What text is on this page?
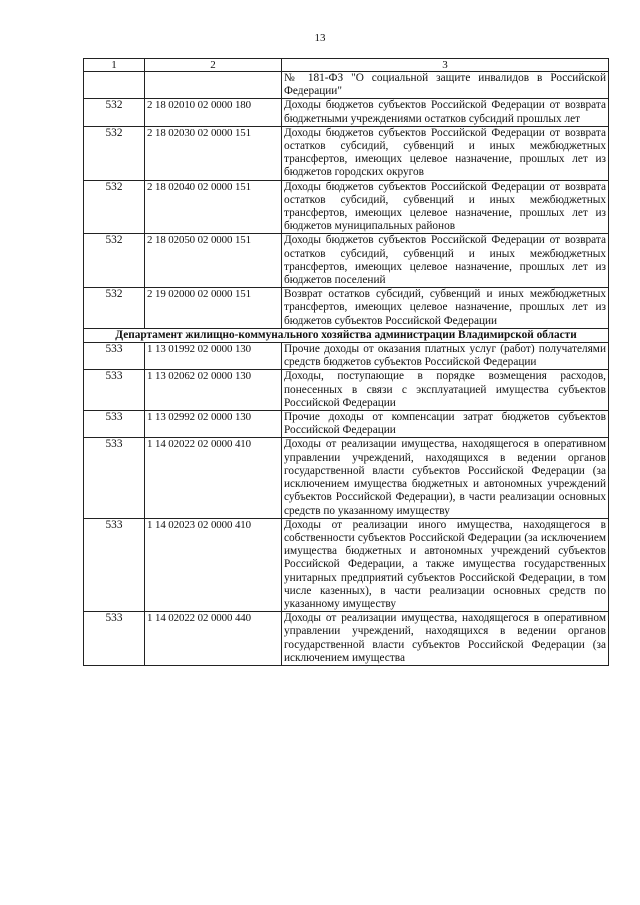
13
1	2	3
		№ 181-ФЗ "О социальной защите инвалидов в Российской Федерации"
532	2 18 02010 02 0000 180	Доходы бюджетов субъектов Российской Федерации от возврата бюджетными учреждениями остатков субсидий прошлых лет
532	2 18 02030 02 0000 151	Доходы бюджетов субъектов Российской Федерации от возврата остатков субсидий, субвенций и иных межбюджетных трансфертов, имеющих целевое назначение, прошлых лет из бюджетов городских округов
532	2 18 02040 02 0000 151	Доходы бюджетов субъектов Российской Федерации от возврата остатков субсидий, субвенций и иных межбюджетных трансфертов, имеющих целевое назначение, прошлых лет из бюджетов муниципальных районов
532	2 18 02050 02 0000 151	Доходы бюджетов субъектов Российской Федерации от возврата остатков субсидий, субвенций и иных межбюджетных трансфертов, имеющих целевое назначение, прошлых лет из бюджетов поселений
532	2 19 02000 02 0000 151	Возврат остатков субсидий, субвенций и иных межбюджетных трансфертов, имеющих целевое назначение, прошлых лет из бюджетов субъектов Российской Федерации
Департамент жилищно-коммунального хозяйства администрации Владимирской области		
533	1 13 01992 02 0000 130	Прочие доходы от оказания платных услуг (работ) получателями средств бюджетов субъектов Российской Федерации
533	1 13 02062 02 0000 130	Доходы, поступающие в порядке возмещения расходов, понесенных в связи с эксплуатацией имущества субъектов Российской Федерации
533	1 13 02992 02 0000 130	Прочие доходы от компенсации затрат бюджетов субъектов Российской Федерации
533	1 14 02022 02 0000 410	Доходы от реализации имущества, находящегося в оперативном управлении учреждений, находящихся в ведении органов государственной власти субъектов Российской Федерации (за исключением имущества бюджетных и автономных учреждений субъектов Российской Федерации), в части реализации основных средств по указанному имуществу
533	1 14 02023 02 0000 410	Доходы от реализации иного имущества, находящегося в собственности субъектов Российской Федерации (за исключением имущества бюджетных и автономных учреждений субъектов Российской Федерации, а также имущества государственных унитарных предприятий субъектов Российской Федерации, в том числе казенных), в части реализации основных средств по указанному имуществу
533	1 14 02022 02 0000 440	Доходы от реализации имущества, находящегося в оперативном управлении учреждений, находящихся в ведении органов государственной власти субъектов Российской Федерации (за исключением имущества
